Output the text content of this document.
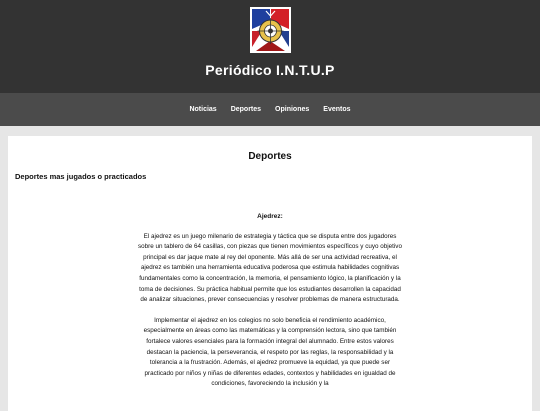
Periódico I.N.T.U.P
Noticias	Deportes	Opiniones	Eventos
Deportes
Deportes mas jugados o practicados
Ajedrez:

El ajedrez es un juego milenario de estrategia y táctica que se disputa entre dos jugadores sobre un tablero de 64 casillas, con piezas que tienen movimientos específicos y cuyo objetivo principal es dar jaque mate al rey del oponente. Más allá de ser una actividad recreativa, el ajedrez es también una herramienta educativa poderosa que estimula habilidades cognitivas fundamentales como la concentración, la memoria, el pensamiento lógico, la planificación y la toma de decisiones. Su práctica habitual permite que los estudiantes desarrollen la capacidad de analizar situaciones, prever consecuencias y resolver problemas de manera estructurada.

Implementar el ajedrez en los colegios no solo beneficia el rendimiento académico, especialmente en áreas como las matemáticas y la comprensión lectora, sino que también fortalece valores esenciales para la formación integral del alumnado. Entre estos valores destacan la paciencia, la perseverancia, el respeto por las reglas, la responsabilidad y la tolerancia a la frustración. Además, el ajedrez promueve la equidad, ya que puede ser practicado por niños y niñas de diferentes edades, contextos y habilidades en igualdad de condiciones, favoreciendo la inclusión y la
